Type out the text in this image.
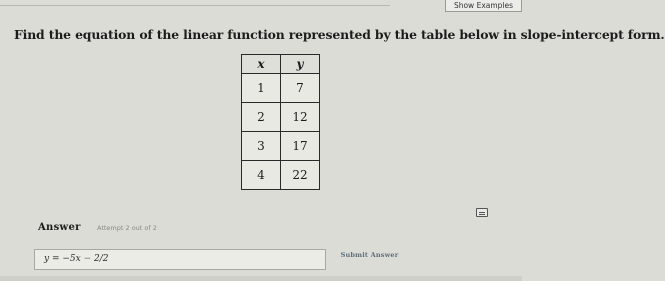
Show Examples
Find the equation of the linear function represented by the table below in slope-intercept form.
x	y
1	7
2	12
3	17
4	22
Answer	Attempt 2 out of 2
y = −5x − 2/2	Submit Answer
